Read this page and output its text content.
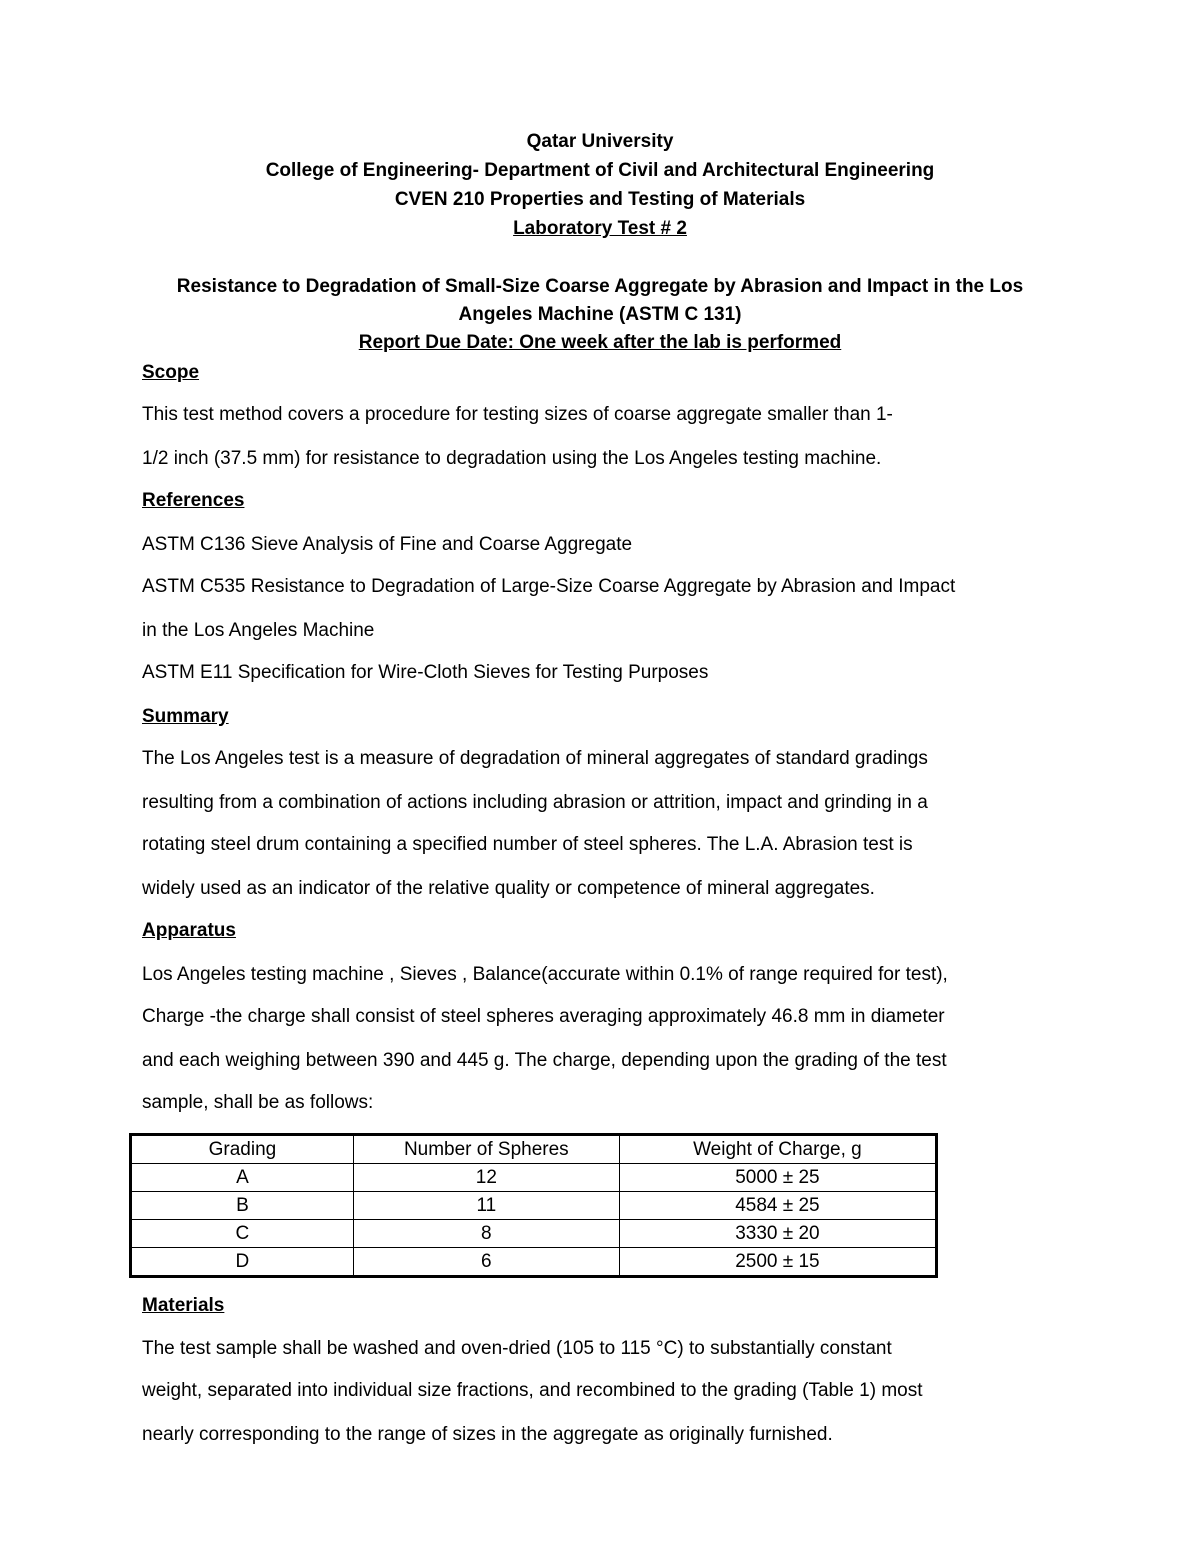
Qatar University
College of Engineering- Department of Civil and Architectural Engineering
CVEN 210 Properties and Testing of Materials
Laboratory Test # 2
Resistance to Degradation of Small-Size Coarse Aggregate by Abrasion and Impact in the Los
Angeles Machine (ASTM C 131)
Report Due Date: One week after the lab is performed
Scope
This test method covers a procedure for testing sizes of coarse aggregate smaller than 1-
1/2 inch (37.5 mm) for resistance to degradation using the Los Angeles testing machine.
References
ASTM C136 Sieve Analysis of Fine and Coarse Aggregate
ASTM C535 Resistance to Degradation of Large-Size Coarse Aggregate by Abrasion and Impact
in the Los Angeles Machine
ASTM E11 Specification for Wire-Cloth Sieves for Testing Purposes
Summary
The Los Angeles test is a measure of degradation of mineral aggregates of standard gradings
resulting from a combination of actions including abrasion or attrition, impact and grinding in a
rotating steel drum containing a specified number of steel spheres. The L.A. Abrasion test is
widely used as an indicator of the relative quality or competence of mineral aggregates.
Apparatus
Los Angeles testing machine , Sieves , Balance(accurate within 0.1% of range required for test),
Charge -the charge shall consist of steel spheres averaging approximately 46.8 mm in diameter
and each weighing between 390 and 445 g. The charge, depending upon the grading of the test
sample, shall be as follows:
Grading	Number of Spheres	Weight of Charge, g
A	12	5000 ± 25
B	11	4584 ± 25
C	8	3330 ± 20
D	6	2500 ± 15
Materials
The test sample shall be washed and oven-dried (105 to 115 °C) to substantially constant
weight, separated into individual size fractions, and recombined to the grading (Table 1) most
nearly corresponding to the range of sizes in the aggregate as originally furnished.
